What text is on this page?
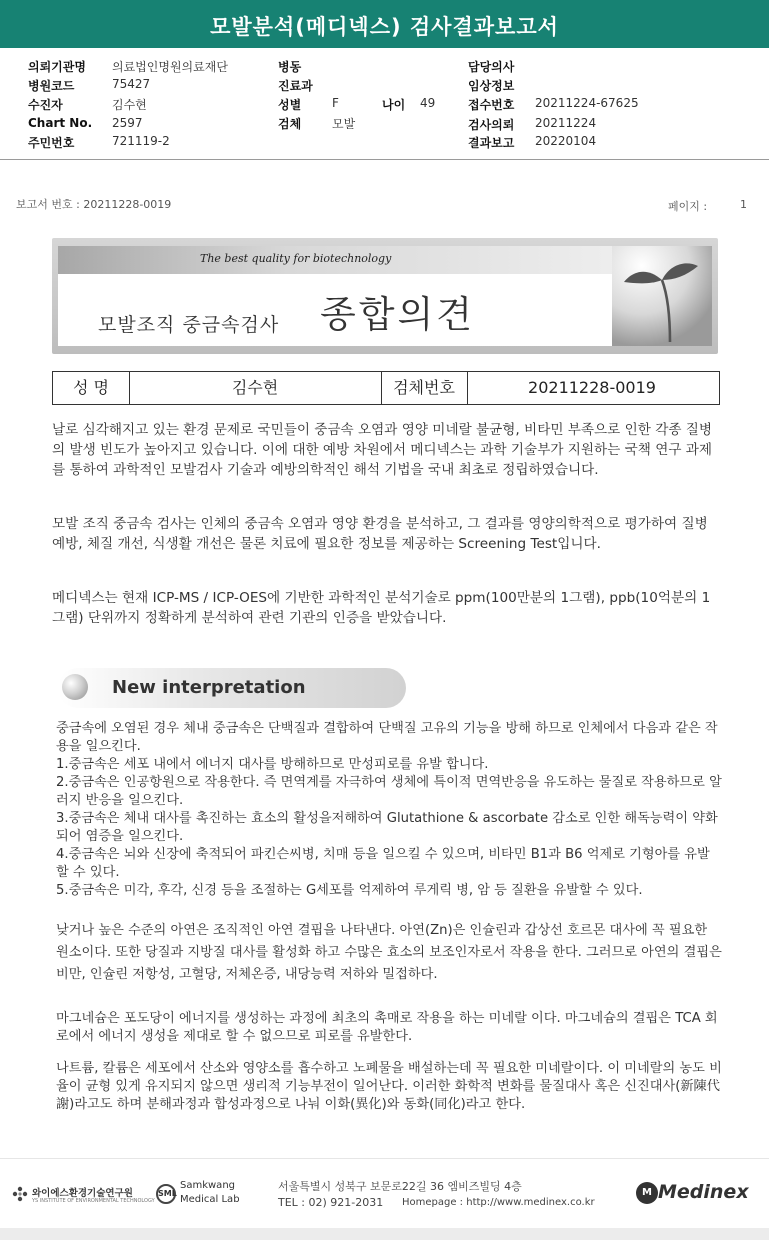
모발분석(메디넥스) 검사결과보고서
의뢰기관명 의료법인명원의료재단
병원코드	75427
수진자	김수현
Chart No. 2597
주민번호	721119-2
병동
진료과
성별	F	나이 49
검체	모발
담당의사
임상정보
접수번호 20211224-67625
검사의뢰 20211224
결과보고 20220104
보고서 번호 : 20211228-0019	페이지 :	1
The best quality for biotechnology
모발조직 중금속검사 종합의견
성 명	김수현	검체번호	20211228-0019

날로 심각해지고 있는 환경 문제로 국민들이 중금속 오염과 영양 미네랄 불균형, 비타민 부족으로 인한 각종 질병의 발생 빈도가 높아지고 있습니다. 이에 대한 예방 차원에서 메디넥스는 과학 기술부가 지원하는 국책 연구 과제를 통하여 과학적인 모발검사 기술과 예방의학적인 해석 기법을 국내 최초로 정립하였습니다.

모발 조직 중금속 검사는 인체의 중금속 오염과 영양 환경을 분석하고, 그 결과를 영양의학적으로 평가하여 질병 예방, 체질 개선, 식생활 개선은 물론 치료에 필요한 정보를 제공하는 Screening Test입니다.

메디넥스는 현재 ICP-MS / ICP-OES에 기반한 과학적인 분석기술로 ppm(100만분의 1그램), ppb(10억분의 1그램) 단위까지 정확하게 분석하여 관련 기관의 인증을 받았습니다.

New interpretation

중금속에 오염된 경우 체내 중금속은 단백질과 결합하여 단백질 고유의 기능을 방해 하므로 인체에서 다음과 같은 작용을 일으킨다.

1.중금속은 세포 내에서 에너지 대사를 방해하므로 만성피로를 유발 합니다.

2.중금속은 인공항원으로 작용한다. 즉 면역계를 자극하여 생체에 특이적 면역반응을 유도하는 물질로 작용하므로 알러지 반응을 일으킨다.

3.중금속은 체내 대사를 촉진하는 효소의 활성을저해하여 Glutathione & ascorbate 감소로 인한 해독능력이 약화되어 염증을 일으킨다.

4.중금속은 뇌와 신장에 축적되어 파킨슨씨병, 치매 등을 일으킬 수 있으며, 비타민 B1과 B6 억제로 기형아를 유발할 수 있다.

5.중금속은 미각, 후각, 신경 등을 조절하는 G세포를 억제하여 루게릭 병, 암 등 질환을 유발할 수 있다.

낮거나 높은 수준의 아연은 조직적인 아연 결핍을 나타낸다. 아연(Zn)은 인슐린과 갑상선 호르몬 대사에 꼭 필요한 원소이다. 또한 당질과 지방질 대사를 활성화 하고 수많은 효소의 보조인자로서 작용을 한다. 그러므로 아연의 결핍은 비만, 인슐린 저항성, 고혈당, 저체온증, 내당능력 저하와 밀접하다.

마그네슘은 포도당이 에너지를 생성하는 과정에 최초의 촉매로 작용을 하는 미네랄 이다. 마그네슘의 결핍은 TCA 회로에서 에너지 생성을 제대로 할 수 없으므로 피로를 유발한다.

나트륨, 칼륨은 세포에서 산소와 영양소를 흡수하고 노폐물을 배설하는데 꼭 필요한 미네랄이다. 이 미네랄의 농도 비율이 균형 있게 유지되지 않으면 생리적 기능부전이 일어난다. 이러한 화학적 변화를 물질대사 혹은 신진대사(新陳代謝)라고도 하며 분해과정과 합성과정으로 나눠 이화(異化)와 동화(同化)라고 한다.

와이에스환경기술연구원
YS INSTITUTE OF ENVIRONMENTAL TECHNOLOGY
SML
Samkwang
Medical Lab
서울특별시 성북구 보문로22길 36 엠비즈빌딩 4층
TEL : 02) 921-2031 Homepage : http://www.medinex.co.kr
M Medinex
